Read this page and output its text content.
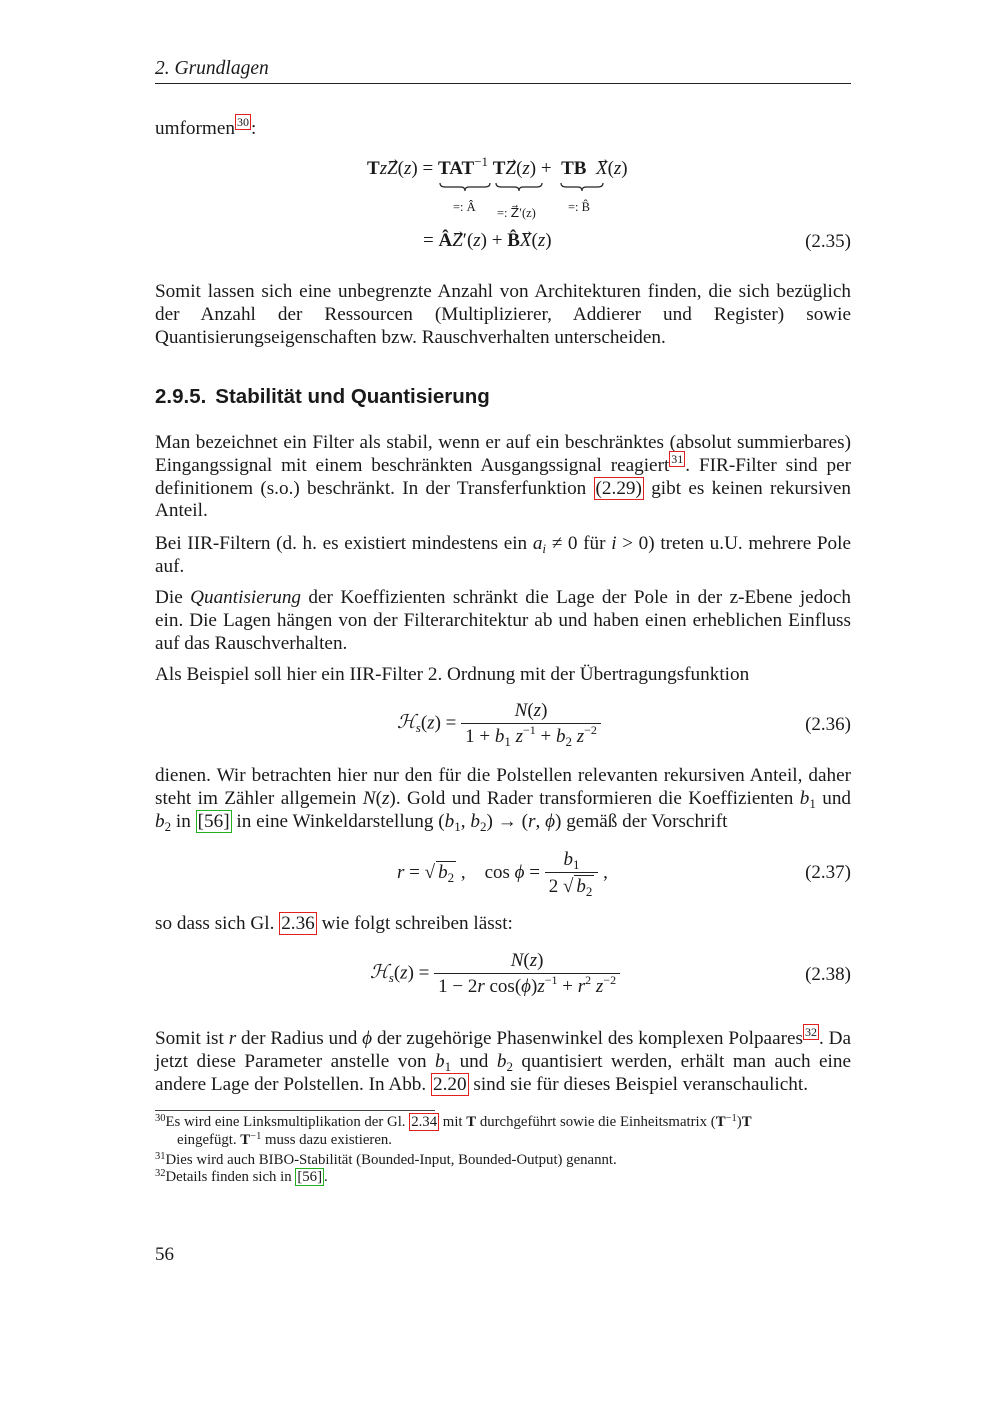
2. Grundlagen

umformen $^{30}$ :

TzZ⃗(z) = $TAT^{-1}$ TZ⃗(z) +  TB X⃗(z)
=: Â =: Z⃗′(z)	=: B̂
= ÂZ⃗′(z) + B̂X⃗(z)	(2.35)

Somit lassen sich eine unbegrenzte Anzahl von Architekturen finden, die sich bezüglich der Anzahl der Ressourcen (Multiplizierer, Addierer und Register) sowie Quantisierungseigenschaften bzw. Rauschverhalten unterscheiden.

2.9.5. Stabilität und Quantisierung

Man bezeichnet ein Filter als stabil, wenn er auf ein beschränktes (absolut summierbares) Eingangssignal mit einem beschränkten Ausgangssignal reagiert $^{31}$ . FIR-Filter sind per definitionem (s.o.) beschränkt. In der Transferfunktion (2.29) gibt es keinen rekursiven Anteil.

Bei IIR-Filtern (d. h. es existiert mindestens ein $a_i \ne 0$ für i > 0) treten u.U. mehrere Pole auf.

Die Quantisierung der Koeffizienten schränkt die Lage der Pole in der z-Ebene jedoch ein. Die Lagen hängen von der Filterarchitektur ab und haben einen erheblichen Einfluss auf das Rauschverhalten.

Als Beispiel soll hier ein IIR-Filter 2. Ordnung mit der Übertragungsfunktion

ℋ$_s$(z) = $\frac{N(z)}{1 + b_1 z^{-1} + b_2 z^{-2}}$	(2.36)

dienen. Wir betrachten hier nur den für die Polstellen relevanten rekursiven Anteil, daher steht im Zähler allgemein N(z). Gold und Rader transformieren die Koeffizienten $b_1$ und $b_2$ in [56] in eine Winkeldarstellung ($b_1$, $b_2) \to (r$, ϕ) gemäß der Vorschrift

r = √ $b_2$ ,    $\cos \phi = \frac{b_1}{2 √ b_2}$ ,	(2.37)

so dass sich Gl. 2.36 wie folgt schreiben lässt:

ℋ$_s$(z) = $\frac{N(z)}{1 - 2r \cos(\phi)z^{-1} + r^2 z^{-2}}$	(2.38)

Somit ist r der Radius und ϕ der zugehörige Phasenwinkel des komplexen Polpaares $^{32}$ . Da jetzt diese Parameter anstelle von $b_1$ und $b_2$ quantisiert werden, erhält man auch eine andere Lage der Polstellen. In Abb. 2.20 sind sie für dieses Beispiel veranschaulicht.

$^{30}$Es wird eine Linksmultiplikation der Gl. 2.34 mit T durchgeführt sowie die Einheitsmatrix $(T^{-1})T$
eingefügt. $T^{-1}$ muss dazu existieren.

$^{31}$Dies wird auch BIBO-Stabilität (Bounded-Input, Bounded-Output) genannt.

$^{32}$Details finden sich in [56] .

56
